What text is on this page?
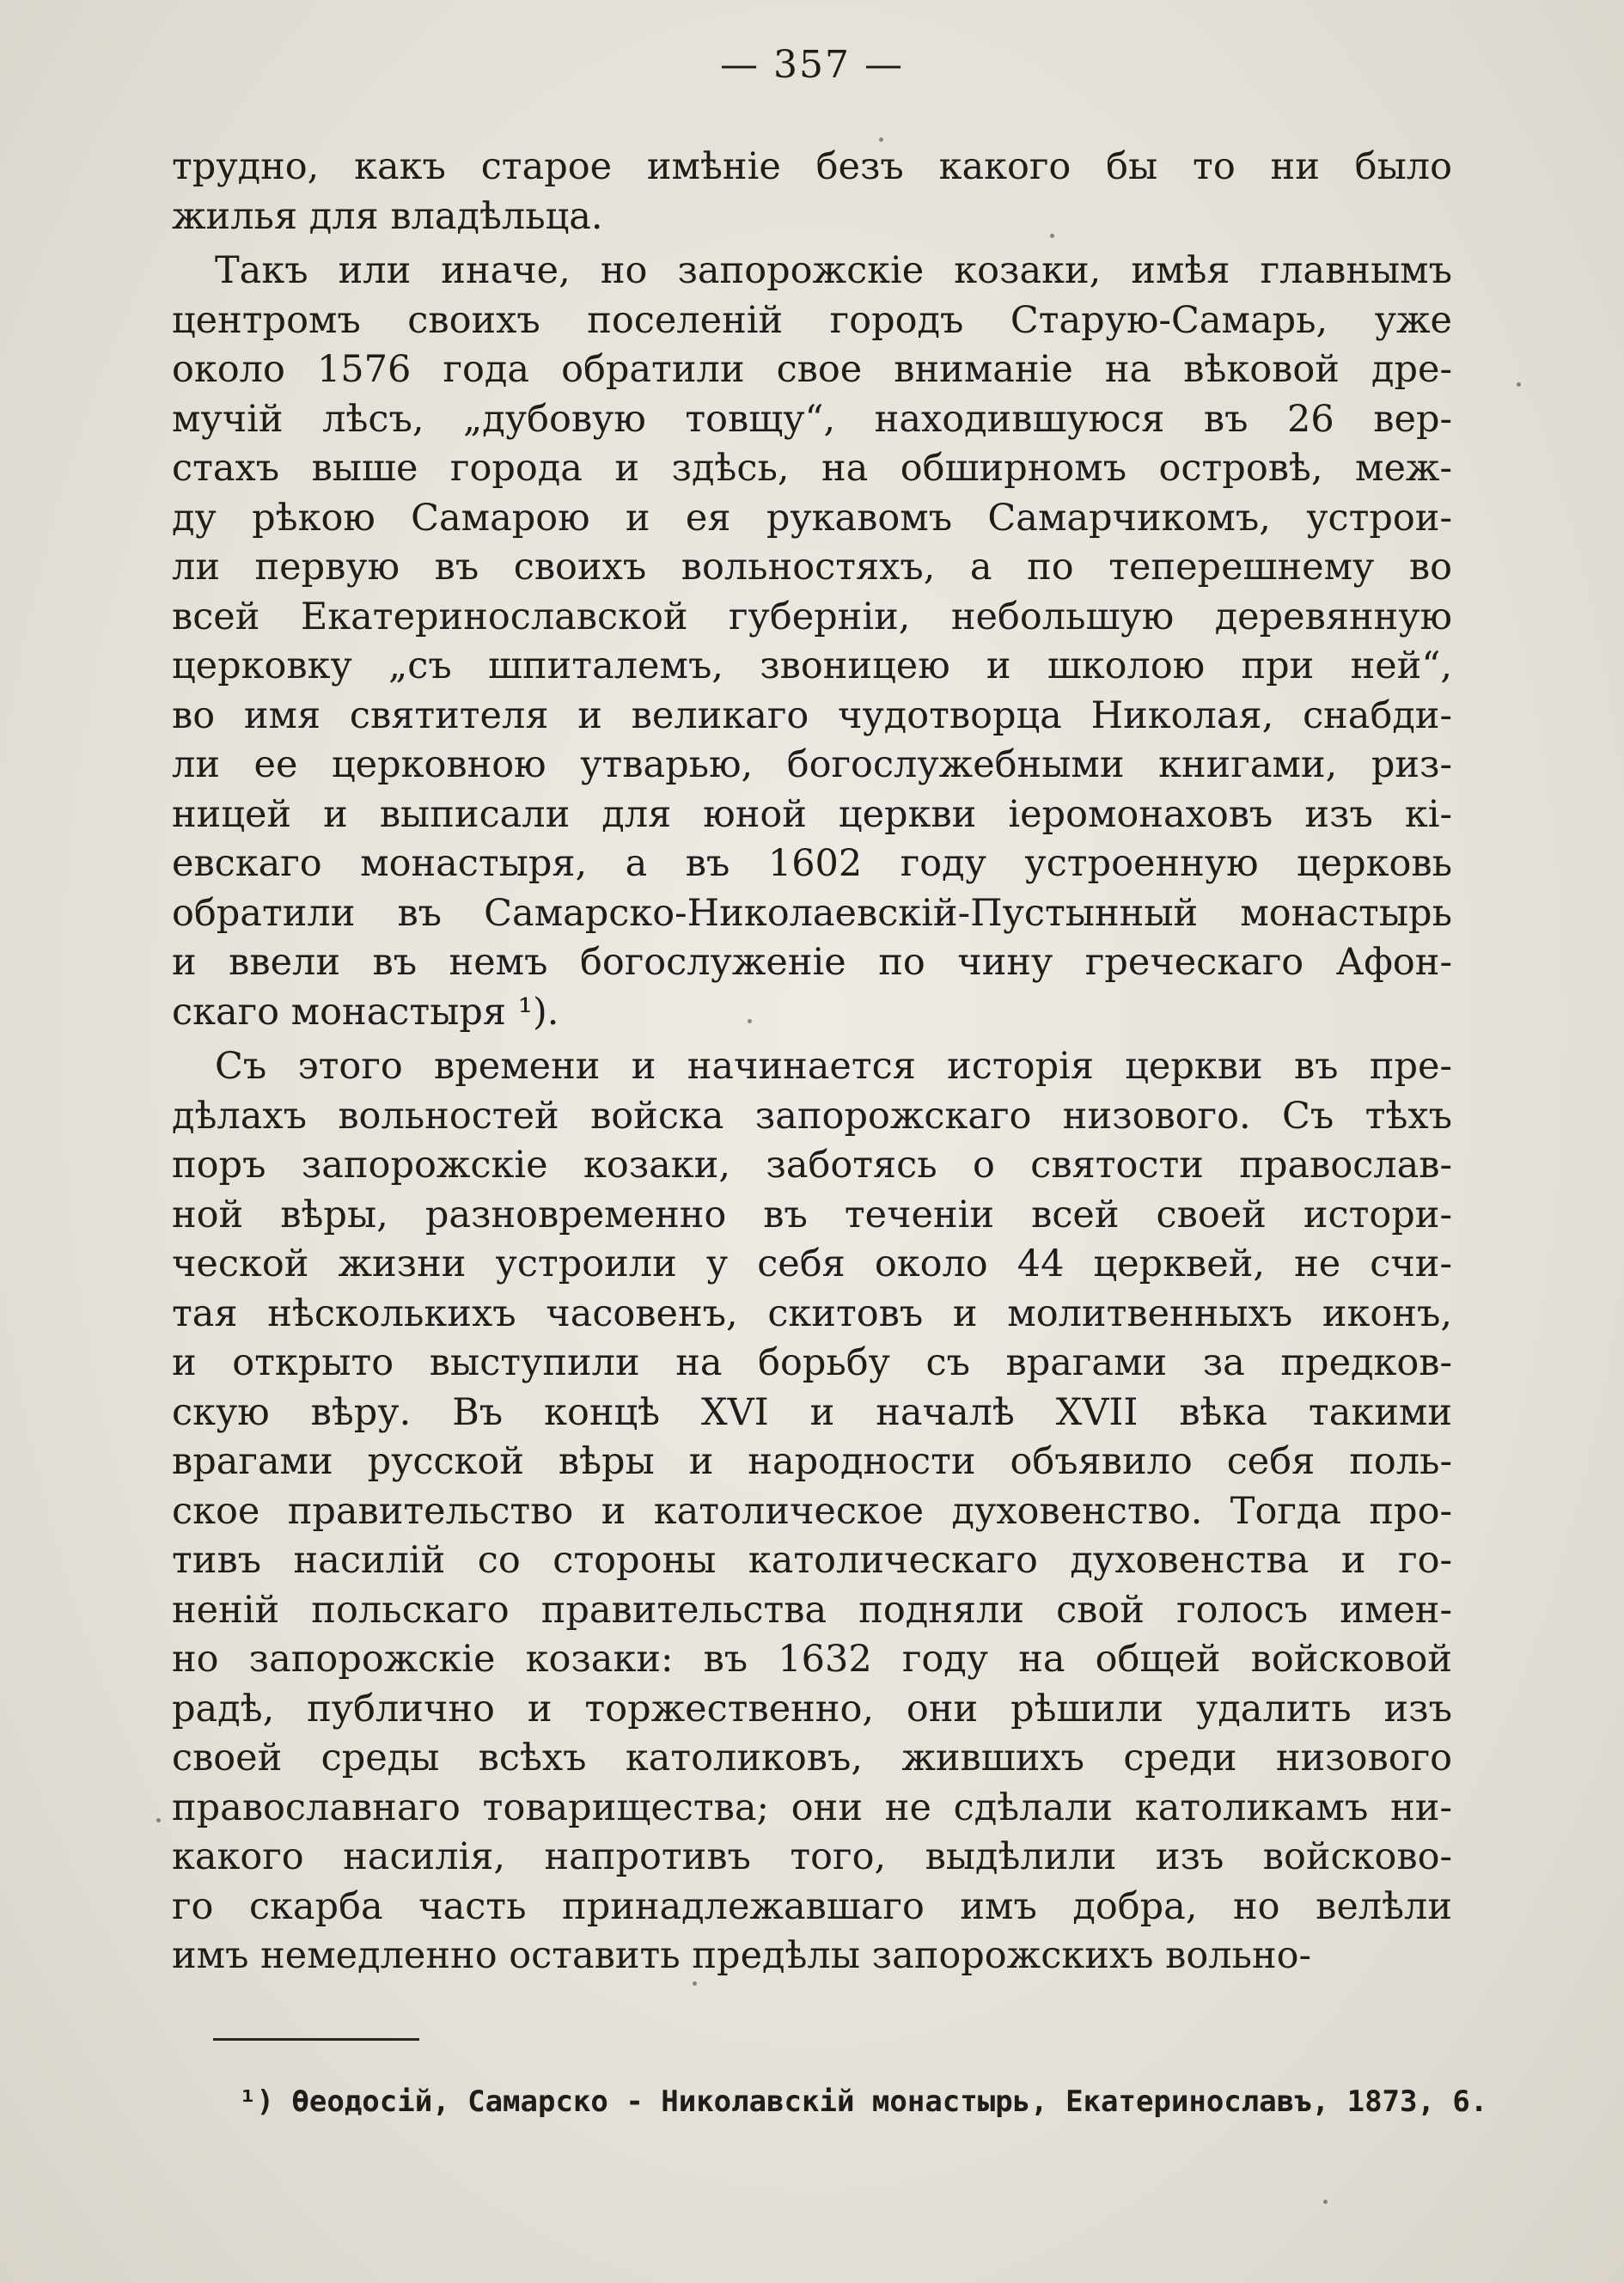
— 357 —

трудно, какъ старое имѣніе безъ какого бы то ни было
жилья для владѣльца.
Такъ или иначе, но запорожскіе козаки, имѣя главнымъ
центромъ своихъ поселеній городъ Старую-Самарь, уже
около 1576 года обратили свое вниманіе на вѣковой дре-
мучій лѣсъ, „дубовую товщу“, находившуюся въ 26 вер-
стахъ выше города и здѣсь, на обширномъ островѣ, меж-
ду рѣкою Самарою и ея рукавомъ Самарчикомъ, устрои-
ли первую въ своихъ вольностяхъ, а по теперешнему во
всей Екатеринославской губерніи, небольшую деревянную
церковку „съ шпиталемъ, звоницею и школою при ней“,
во имя святителя и великаго чудотворца Николая, снабди-
ли ее церковною утварью, богослужебными книгами, риз-
ницей и выписали для юной церкви іеромонаховъ изъ кі-
евскаго монастыря, а въ 1602 году устроенную церковь
обратили въ Самарско-Николаевскій-Пустынный монастырь
и ввели въ немъ богослуженіе по чину греческаго Афон-
скаго монастыря ¹).
Съ этого времени и начинается исторія церкви въ пре-
дѣлахъ вольностей войска запорожскаго низового. Съ тѣхъ
поръ запорожскіе козаки, заботясь о святости православ-
ной вѣры, разновременно въ теченіи всей своей истори-
ческой жизни устроили у себя около 44 церквей, не счи-
тая нѣсколькихъ часовенъ, скитовъ и молитвенныхъ иконъ,
и открыто выступили на борьбу съ врагами за предков-
скую вѣру. Въ концѣ XVI и началѣ XVII вѣка такими
врагами русской вѣры и народности объявило себя поль-
ское правительство и католическое духовенство. Тогда про-
тивъ насилій со стороны католическаго духовенства и го-
неній польскаго правительства подняли свой голосъ имен-
но запорожскіе козаки: въ 1632 году на общей войсковой
радѣ, публично и торжественно, они рѣшили удалить изъ
своей среды всѣхъ католиковъ, жившихъ среди низового
православнаго товарищества; они не сдѣлали католикамъ ни-
какого насилія, напротивъ того, выдѣлили изъ войсково-
го скарба часть принадлежавшаго имъ добра, но велѣли
имъ немедленно оставить предѣлы запорожскихъ вольно-
¹) Ѳеодосій, Самарско - Николавскій монастырь, Екатеринославъ, 1873, 6.
